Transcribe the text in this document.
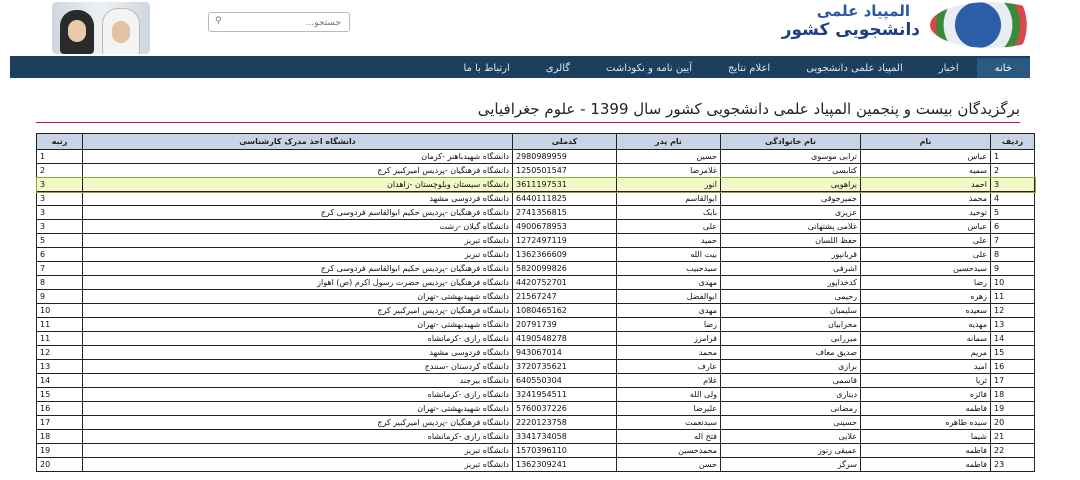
⚲
جستجو...
المپیاد علمی
دانشجویی کشور
خانهاخبارالمپیاد علمی دانشجوییاعلام نتایجآیین نامه و نکوداشتگالریارتباط با ما
برگزیدگان بیست و پنجمین المپیاد علمی دانشجویی کشور سال 1399 - علوم جغرافیایی
ردیف	نام	نام خانوادگی	نام پدر	کدملی	دانشگاه اخذ مدرک کارشناسی	رتبه
1	عباس	ترابی موسوی	حسین	2980989959	دانشگاه شهیدباهنر -کرمان	1
2	سمیه	کتابسی	غلامرضا	1250501547	دانشگاه فرهنگیان -پردیس امیرکبیر کرج	2
3	احمد	براهویی	انور	3611197531	دانشگاه سیستان وبلوچستان -زاهدان	3
4	محمد	جمیرجوقی	ابوالقاسم	6440111825	دانشگاه فردوسی مشهد	3
5	توحید	عزیزی	بابک	2741356815	دانشگاه فرهنگیان -پردیس حکیم ابوالقاسم فردوسی کرج	3
6	عباس	غلامی پشتهانی	علی	4900678953	دانشگاه گیلان -رشت	3
7	علی	حفظ اللسان	حمید	1272497119	دانشگاه تبریز	5
8	علی	قربانپور	بیت الله	1362366609	دانشگاه تبریز	6
9	سیدحسین	اشرفی	سیدحبیب	5820099826	دانشگاه فرهنگیان -پردیس حکیم ابوالقاسم فردوسی کرج	7
10	رضا	کدخداپور	مهدی	4420752701	دانشگاه فرهنگیان -پردیس حضرت رسول اکرم (ص) اهواز	8
11	زهره	رحیمی	ابوالفضل	21567247	دانشگاه شهیدبهشتی -تهران	9
12	سعیده	سلیمیان	مهدی	1080465162	دانشگاه فرهنگیان -پردیس امیرکبیر کرج	10
13	مهدیه	محرابیان	رضا	20791739	دانشگاه شهیدبهشتی -تهران	11
14	سمانه	میررابی	فرامرز	4190548278	دانشگاه رازی -کرمانشاه	11
15	مریم	صدیق معاف	محمد	943067014	دانشگاه فردوسی مشهد	12
16	امید	برازی	عارف	3720735621	دانشگاه کردستان -سنندج	13
17	ثریا	قاسمی	غلام	640550304	دانشگاه بیرجند	14
18	فائزه	دیناری	ولی الله	3241954511	دانشگاه رازی -کرمانشاه	15
19	فاطمه	رمضانی	علیرضا	5760037226	دانشگاه شهیدبهشتی -تهران	16
20	سیده طاهره	حسینی	سیدنعمت	2220123758	دانشگاه فرهنگیان -پردیس امیرکبیر کرج	17
21	شیما	علایی	فتح اله	3341734058	دانشگاه رازی -کرمانشاه	18
22	فاطمه	عمیقی زنوز	محمدحسین	1570396110	دانشگاه تبریز	19
23	فاطمه	سرگز	حسن	1362309241	دانشگاه تبریز	20
